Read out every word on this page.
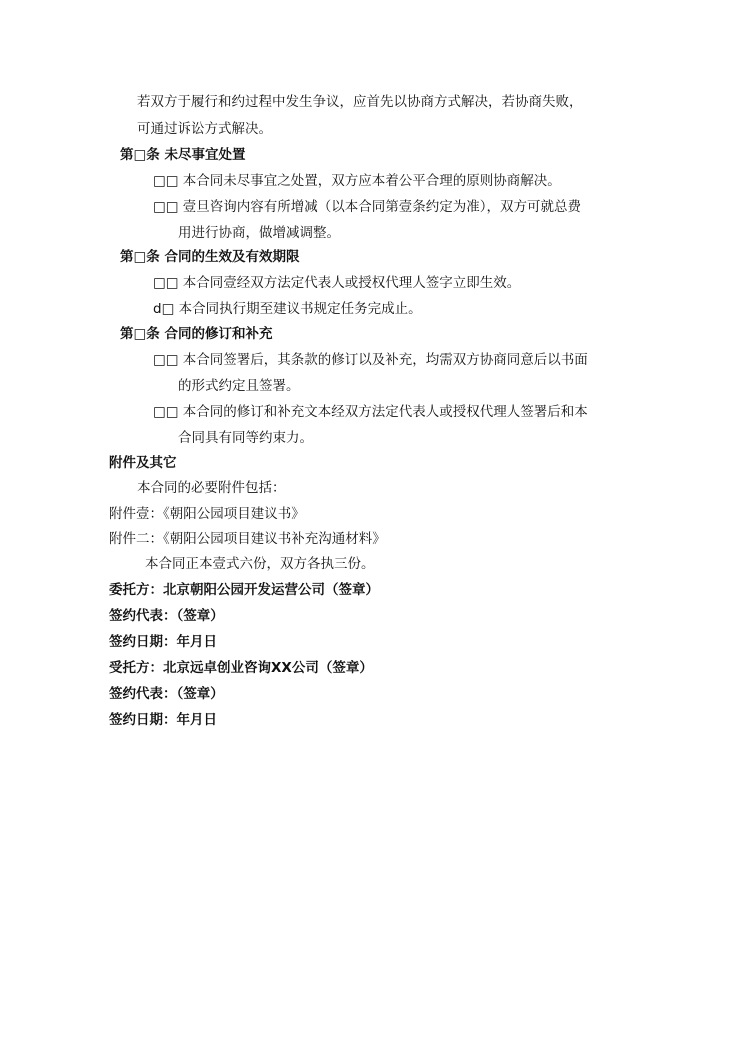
若双方于履行和约过程中发生争议，应首先以协商方式解决，若协商失败，
可通过诉讼方式解决。
第□条 未尽事宜处置
□□ 本合同未尽事宜之处置，双方应本着公平合理的原则协商解决。
□□ 壹旦咨询内容有所增减（以本合同第壹条约定为准），双方可就总费
用进行协商，做增减调整。
第□条 合同的生效及有效期限
□□ 本合同壹经双方法定代表人或授权代理人签字立即生效。
d□ 本合同执行期至建议书规定任务完成止。
第□条 合同的修订和补充
□□ 本合同签署后，其条款的修订以及补充，均需双方协商同意后以书面
的形式约定且签署。
□□ 本合同的修订和补充文本经双方法定代表人或授权代理人签署后和本
合同具有同等约束力。
附件及其它
本合同的必要附件包括：
附件壹：《朝阳公园项目建议书》
附件二：《朝阳公园项目建议书补充沟通材料》
本合同正本壹式六份，双方各执三份。
委托方：北京朝阳公园开发运营公司（签章）
签约代表：（签章）
签约日期：年月日
受托方：北京远卓创业咨询XX公司（签章）
签约代表：（签章）
签约日期：年月日
